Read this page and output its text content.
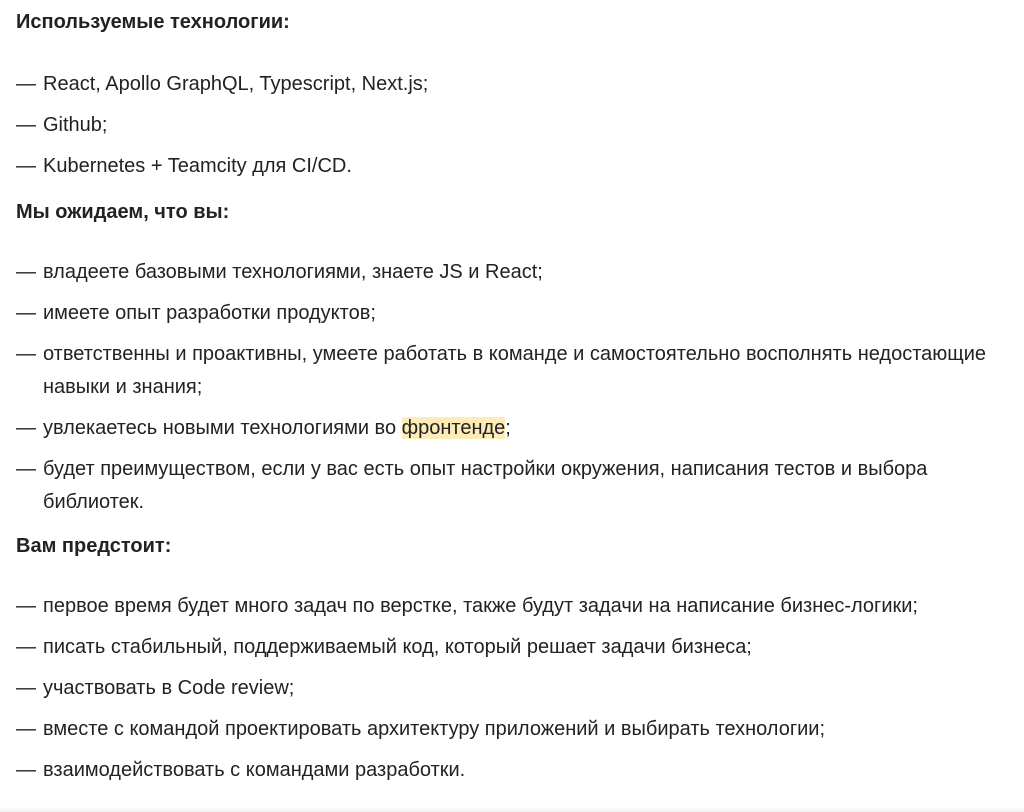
Используемые технологии:
— React, Apollo GraphQL, Typescript, Next.js;
— Github;
— Kubernetes + Teamcity для CI/CD.
Мы ожидаем, что вы:
— владеете базовыми технологиями, знаете JS и React;
— имеете опыт разработки продуктов;
— ответственны и проактивны, умеете работать в команде и самостоятельно восполнять недостающие навыки и знания;
— увлекаетесь новыми технологиями во фронтенде;
— будет преимуществом, если у вас есть опыт настройки окружения, написания тестов и выбора библиотек.
Вам предстоит:
— первое время будет много задач по верстке, также будут задачи на написание бизнес-логики;
— писать стабильный, поддерживаемый код, который решает задачи бизнеса;
— участвовать в Code review;
— вместе с командой проектировать архитектуру приложений и выбирать технологии;
— взаимодействовать с командами разработки.
